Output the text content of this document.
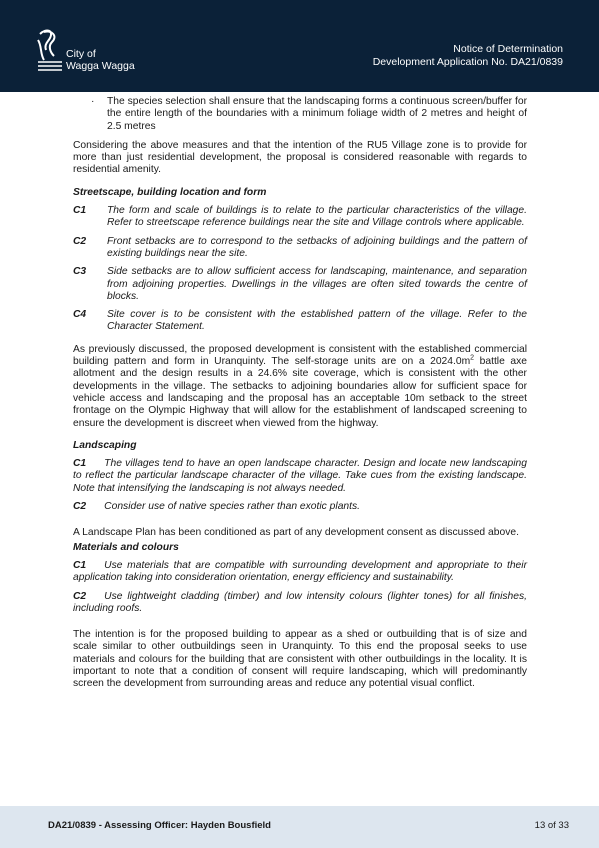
City of
Wagga Wagga
Notice of Determination
Development Application No. DA21/0839
· The species selection shall ensure that the landscaping forms a continuous screen/buffer for the entire length of the boundaries with a minimum foliage width of 2 metres and height of 2.5 metres

Considering the above measures and that the intention of the RU5 Village zone is to provide for more than just residential development, the proposal is considered reasonable with regards to residential amenity.

Streetscape, building location and form
C1 The form and scale of buildings is to relate to the particular characteristics of the village. Refer to streetscape reference buildings near the site and Village controls where applicable.
C2 Front setbacks are to correspond to the setbacks of adjoining buildings and the pattern of existing buildings near the site.
C3 Side setbacks are to allow sufficient access for landscaping, maintenance, and separation from adjoining properties. Dwellings in the villages are often sited towards the centre of blocks.
C4 Site cover is to be consistent with the established pattern of the village. Refer to the Character Statement.

As previously discussed, the proposed development is consistent with the established commercial building pattern and form in Uranquinty. The self-storage units are on a $2024.0m^2$ battle axe allotment and the design results in a 24.6% site coverage, which is consistent with the other developments in the village. The setbacks to adjoining boundaries allow for sufficient space for vehicle access and landscaping and the proposal has an acceptable 10m setback to the street frontage on the Olympic Highway that will allow for the establishment of landscaped screening to ensure the development is discreet when viewed from the highway.

Landscaping

C1 The villages tend to have an open landscape character. Design and locate new landscaping to reflect the particular landscape character of the village. Take cues from the existing landscape. Note that intensifying the landscaping is not always needed.

C2 Consider use of native species rather than exotic plants.

A Landscape Plan has been conditioned as part of any development consent as discussed above.

Materials and colours

C1 Use materials that are compatible with surrounding development and appropriate to their application taking into consideration orientation, energy efficiency and sustainability.

C2 Use lightweight cladding (timber) and low intensity colours (lighter tones) for all finishes, including roofs.

The intention is for the proposed building to appear as a shed or outbuilding that is of size and scale similar to other outbuildings seen in Uranquinty. To this end the proposal seeks to use materials and colours for the building that are consistent with other outbuildings in the locality. It is important to note that a condition of consent will require landscaping, which will predominantly screen the development from surrounding areas and reduce any potential visual conflict.

DA21/0839 - Assessing Officer: Hayden Bousfield	13 of 33
